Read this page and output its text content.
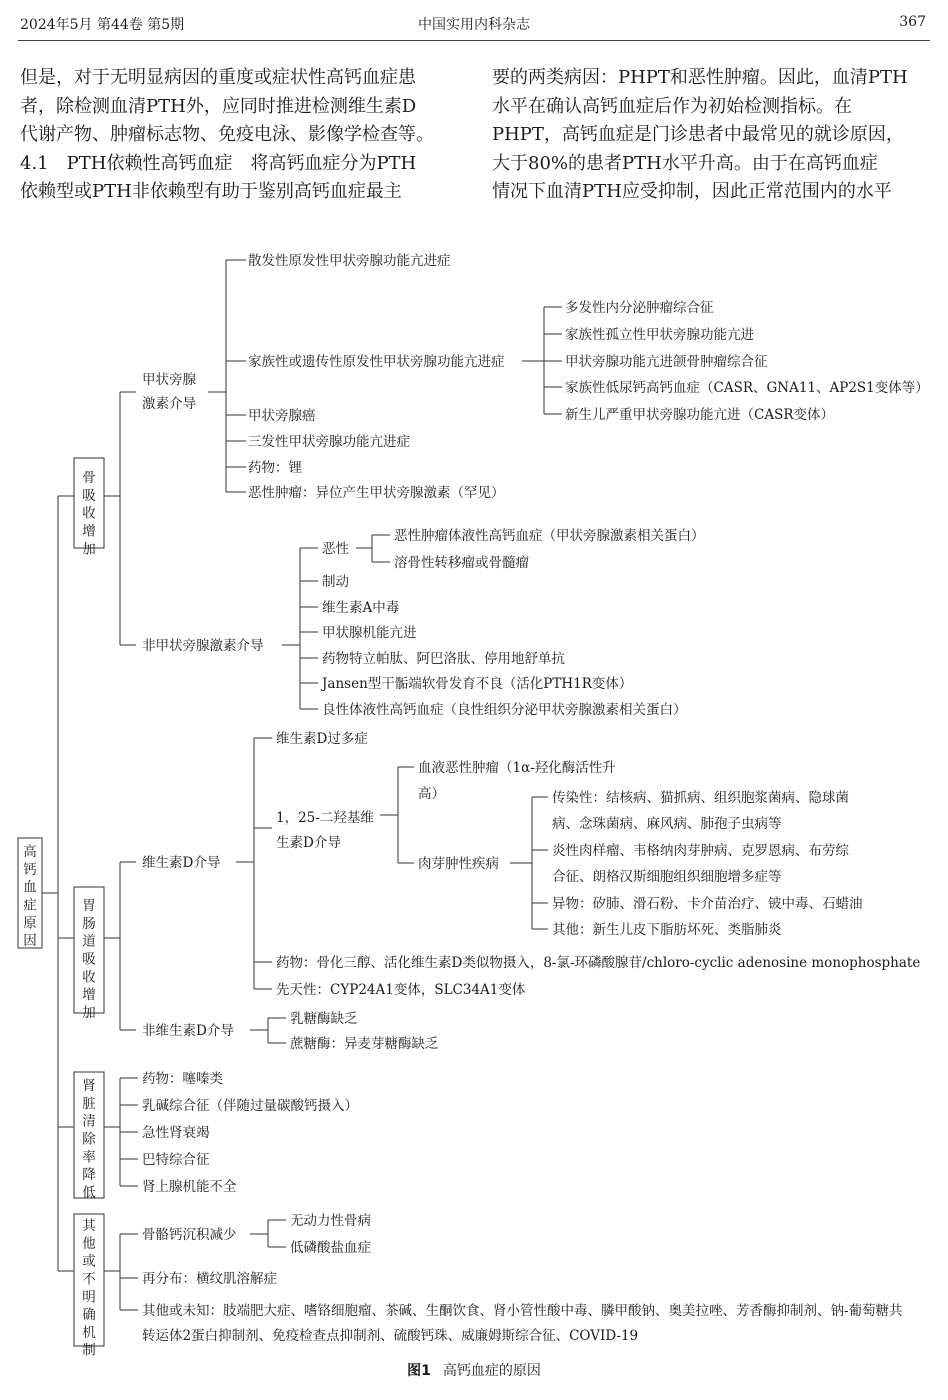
2024年5月 第44卷 第5期	中国实用内科杂志	367
但是，对于无明显病因的重度或症状性高钙血症患
者，除检测血清PTH外，应同时推进检测维生素D
代谢产物、肿瘤标志物、免疫电泳、影像学检查等。
4.1　PTH依赖性高钙血症　将高钙血症分为PTH
依赖型或PTH非依赖型有助于鉴别高钙血症最主
要的两类病因：PHPT和恶性肿瘤。因此，血清PTH
水平在确认高钙血症后作为初始检测指标。在
PHPT，高钙血症是门诊患者中最常见的就诊原因，
大于80%的患者PTH水平升高。由于在高钙血症
情况下血清PTH应受抑制，因此正常范围内的水平
高钙血症原因
骨吸收增加
胃肠道吸收增加
肾脏清除率降低
其他或不明确机制
甲状旁腺
激素介导
散发性原发性甲状旁腺功能亢进症
家族性或遗传性原发性甲状旁腺功能亢进症
甲状旁腺癌
三发性甲状旁腺功能亢进症
药物：锂
恶性肿瘤：异位产生甲状旁腺激素（罕见）
多发性内分泌肿瘤综合征
家族性孤立性甲状旁腺功能亢进
甲状旁腺功能亢进颌骨肿瘤综合征
家族性低尿钙高钙血症（CASR、GNA11、AP2S1变体等）
新生儿严重甲状旁腺功能亢进（CASR变体）
非甲状旁腺激素介导
恶性
制动
维生素A中毒
甲状腺机能亢进
药物特立帕肽、阿巴洛肽、停用地舒单抗
Jansen型干骺端软骨发育不良（活化PTH1R变体）
良性体液性高钙血症（良性组织分泌甲状旁腺激素相关蛋白）
恶性肿瘤体液性高钙血症（甲状旁腺激素相关蛋白）
溶骨性转移瘤或骨髓瘤
维生素D介导
维生素D过多症
1，25-二羟基维
生素D介导
药物：骨化三醇、活化维生素D类似物摄入，8-氯-环磷酸腺苷/chloro-cyclic adenosine monophosphate
先天性：CYP24A1变体，SLC34A1变体
血液恶性肿瘤（1α-羟化酶活性升
高）
肉芽肿性疾病
传染性：结核病、猫抓病、组织胞浆菌病、隐球菌
病、念珠菌病、麻风病、肺孢子虫病等
炎性肉样瘤、韦格纳肉芽肿病、克罗恩病、布劳综
合征、朗格汉斯细胞组织细胞增多症等
异物：矽肺、滑石粉、卡介苗治疗、铍中毒、石蜡油
其他：新生儿皮下脂肪坏死、类脂肺炎
非维生素D介导
乳糖酶缺乏
蔗糖酶：异麦芽糖酶缺乏
药物：噻嗪类
乳碱综合征（伴随过量碳酸钙摄入）
急性肾衰竭
巴特综合征
肾上腺机能不全
骨骼钙沉积减少
无动力性骨病
低磷酸盐血症
再分布：横纹肌溶解症
其他或未知：肢端肥大症、嗜铬细胞瘤、茶碱、生酮饮食、肾小管性酸中毒、膦甲酸钠、奥美拉唑、芳香酶抑制剂、钠-葡萄糖共
转运体2蛋白抑制剂、免疫检查点抑制剂、硫酸钙珠、威廉姆斯综合征、COVID-19
图1 高钙血症的原因
